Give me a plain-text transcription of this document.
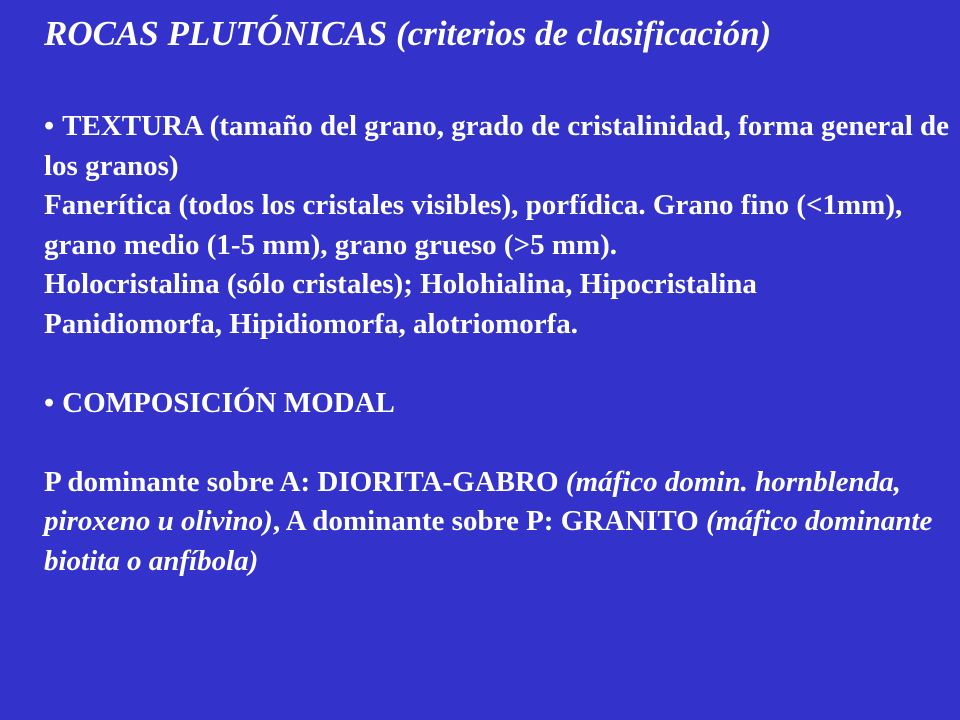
ROCAS PLUTÓNICAS (criterios de clasificación)

• TEXTURA (tamaño del grano, grado de cristalinidad, forma general de los granos)

Fanerítica (todos los cristales visibles), porfídica. Grano fino (<1mm), grano medio (1-5 mm), grano grueso (>5 mm).

Holocristalina (sólo cristales); Holohialina, Hipocristalina

Panidiomorfa, Hipidiomorfa, alotriomorfa.

• COMPOSICIÓN MODAL

P dominante sobre A: DIORITA-GABRO (máfico domin. hornblenda, piroxeno u olivino), A dominante sobre P: GRANITO (máfico dominante biotita o anfíbola)
